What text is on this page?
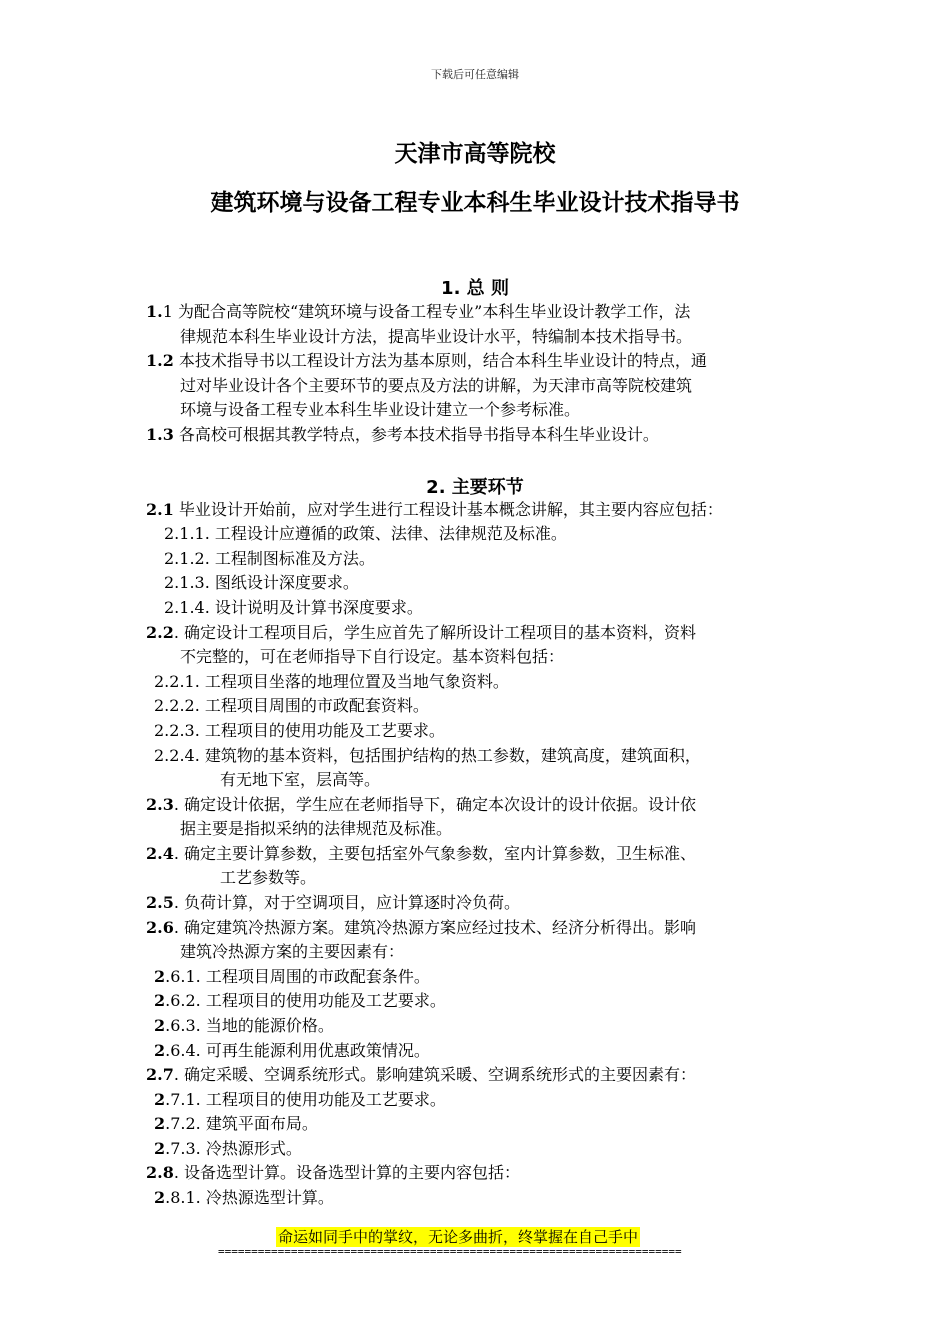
下载后可任意编辑
天津市高等院校
建筑环境与设备工程专业本科生毕业设计技术指导书
1. 总 则
1.1 为配合高等院校“建筑环境与设备工程专业”本科生毕业设计教学工作，法
律规范本科生毕业设计方法，提高毕业设计水平，特编制本技术指导书。
1.2 本技术指导书以工程设计方法为基本原则，结合本科生毕业设计的特点，通
过对毕业设计各个主要环节的要点及方法的讲解，为天津市高等院校建筑
环境与设备工程专业本科生毕业设计建立一个参考标准。
1.3 各高校可根据其教学特点，参考本技术指导书指导本科生毕业设计。
2. 主要环节
2.1 毕业设计开始前，应对学生进行工程设计基本概念讲解，其主要内容应包括：
2.1.1. 工程设计应遵循的政策、法律、法律规范及标准。
2.1.2. 工程制图标准及方法。
2.1.3. 图纸设计深度要求。
2.1.4. 设计说明及计算书深度要求。
2.2. 确定设计工程项目后，学生应首先了解所设计工程项目的基本资料，资料
不完整的，可在老师指导下自行设定。基本资料包括：
2.2.1. 工程项目坐落的地理位置及当地气象资料。
2.2.2. 工程项目周围的市政配套资料。
2.2.3. 工程项目的使用功能及工艺要求。
2.2.4. 建筑物的基本资料，包括围护结构的热工参数，建筑高度，建筑面积，
有无地下室，层高等。
2.3. 确定设计依据，学生应在老师指导下，确定本次设计的设计依据。设计依
据主要是指拟采纳的法律规范及标准。
2.4. 确定主要计算参数，主要包括室外气象参数，室内计算参数，卫生标准、
工艺参数等。
2.5. 负荷计算，对于空调项目，应计算逐时冷负荷。
2.6. 确定建筑冷热源方案。建筑冷热源方案应经过技术、经济分析得出。影响
建筑冷热源方案的主要因素有：
2.6.1. 工程项目周围的市政配套条件。
2.6.2. 工程项目的使用功能及工艺要求。
2.6.3. 当地的能源价格。
2.6.4. 可再生能源利用优惠政策情况。
2.7. 确定采暖、空调系统形式。影响建筑采暖、空调系统形式的主要因素有：
2.7.1. 工程项目的使用功能及工艺要求。
2.7.2. 建筑平面布局。
2.7.3. 冷热源形式。
2.8. 设备选型计算。设备选型计算的主要内容包括：
2.8.1. 冷热源选型计算。
命运如同手中的掌纹，无论多曲折，终掌握在自己手中
======================================================================
